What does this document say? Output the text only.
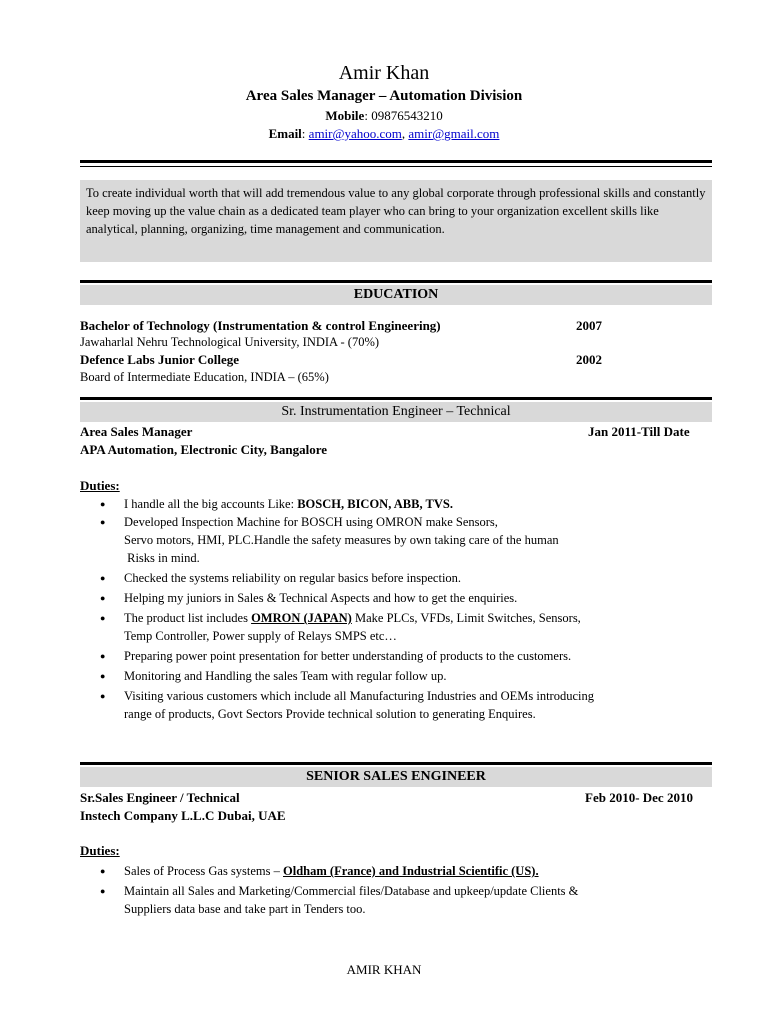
Amir Khan
Area Sales Manager – Automation Division
Mobile: 09876543210
Email: amir@yahoo.com, amir@gmail.com
To create individual worth that will add tremendous value to any global corporate through professional skills and constantly keep moving up the value chain as a dedicated team player who can bring to your organization excellent skills like analytical, planning, organizing, time management and communication.
EDUCATION
Bachelor of Technology (Instrumentation & control Engineering)	2007
Jawaharlal Nehru Technological University, INDIA - (70%)
Defence Labs Junior College	2002
Board of Intermediate Education, INDIA – (65%)
Sr. Instrumentation Engineer – Technical
Area Sales Manager	Jan 2011-Till Date
APA Automation, Electronic City, Bangalore
Duties:
● I handle all the big accounts Like: BOSCH, BICON, ABB, TVS.
● Developed Inspection Machine for BOSCH using OMRON make Sensors,
Servo motors, HMI, PLC.Handle the safety measures by own taking care of the human
Risks in mind.
● Checked the systems reliability on regular basics before inspection.
● Helping my juniors in Sales & Technical Aspects and how to get the enquiries.
● The product list includes OMRON (JAPAN) Make PLCs, VFDs, Limit Switches, Sensors,
Temp Controller, Power supply of Relays SMPS etc…
● Preparing power point presentation for better understanding of products to the customers.
● Monitoring and Handling the sales Team with regular follow up.
● Visiting various customers which include all Manufacturing Industries and OEMs introducing
range of products, Govt Sectors Provide technical solution to generating Enquires.
SENIOR SALES ENGINEER
Sr.Sales Engineer / Technical	Feb 2010- Dec 2010
Instech Company L.L.C Dubai, UAE
Duties:
● Sales of Process Gas systems – Oldham (France) and Industrial Scientific (US).
● Maintain all Sales and Marketing/Commercial files/Database and upkeep/update Clients &
Suppliers data base and take part in Tenders too.
AMIR KHAN
